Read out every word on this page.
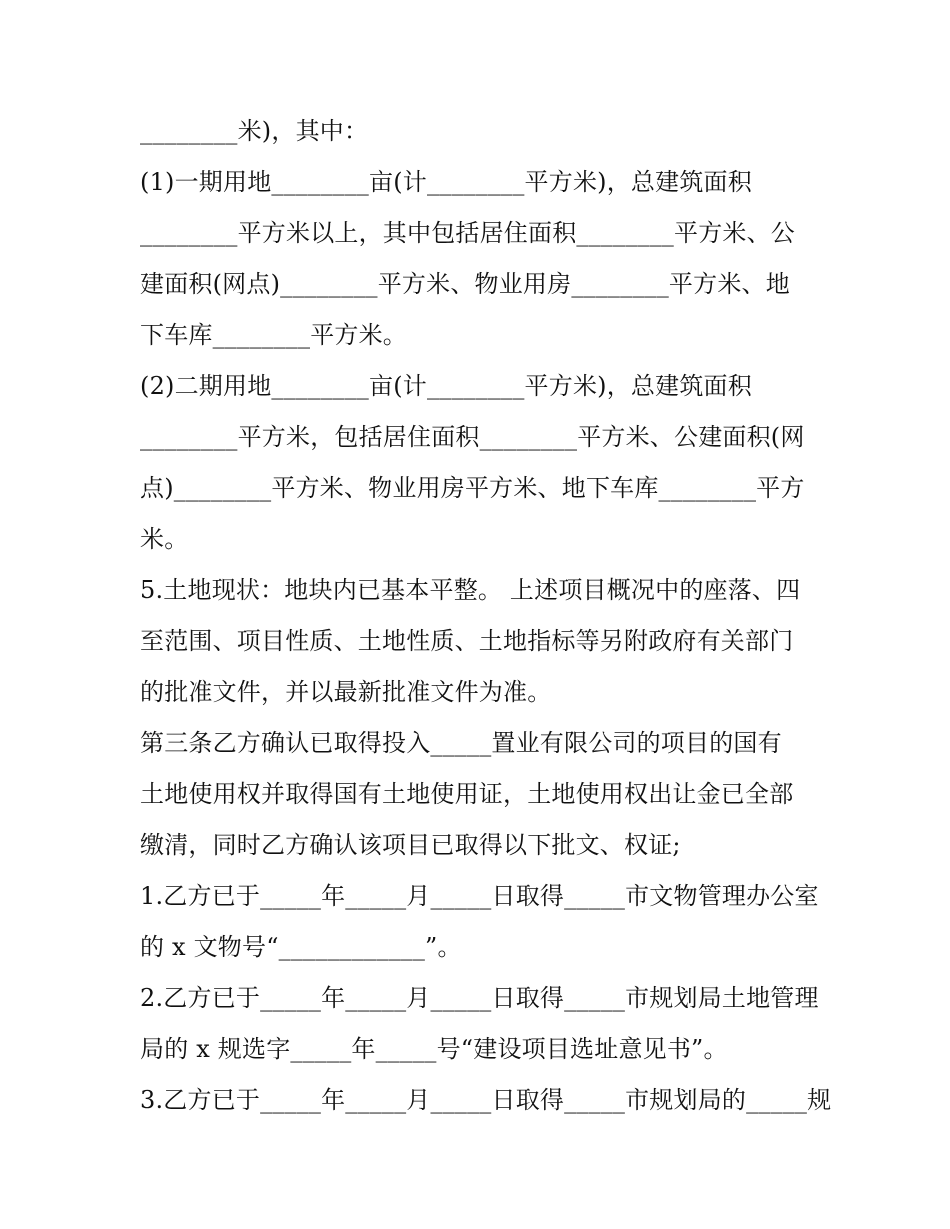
________米)，其中：
(1)一期用地________亩(计________平方米)，总建筑面积
________平方米以上，其中包括居住面积________平方米、公
建面积(网点)________平方米、物业用房________平方米、地
下车库________平方米。
(2)二期用地________亩(计________平方米)，总建筑面积
________平方米，包括居住面积________平方米、公建面积(网
点)________平方米、物业用房平方米、地下车库________平方
米。
5.土地现状：地块内已基本平整。 上述项目概况中的座落、四
至范围、项目性质、土地性质、土地指标等另附政府有关部门
的批准文件，并以最新批准文件为准。
第三条乙方确认已取得投入_____置业有限公司的项目的国有
土地使用权并取得国有土地使用证，土地使用权出让金已全部
缴清，同时乙方确认该项目已取得以下批文、权证;
1.乙方已于_____年_____月_____日取得_____市文物管理办公室
的 x 文物号“____________”。
2.乙方已于_____年_____月_____日取得_____市规划局土地管理
局的 x 规选字_____年_____号“建设项目选址意见书”。
3.乙方已于_____年_____月_____日取得_____市规划局的_____规
